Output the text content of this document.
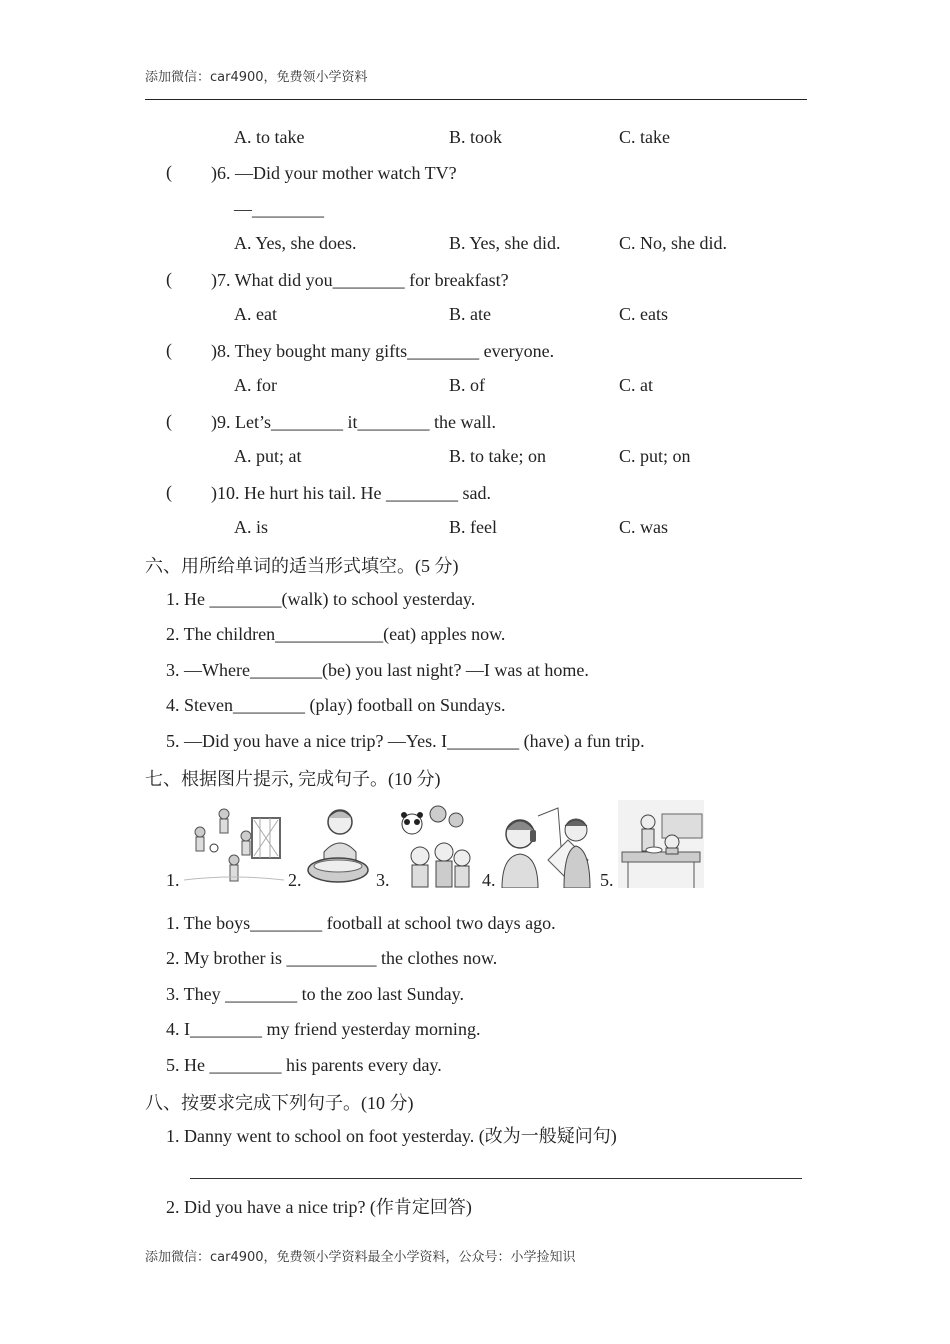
添加微信：car4900，免费领小学资料
A. to take	B. took	C. take
( )6. —Did your mother watch TV?
—________
A. Yes, she does.	B. Yes, she did.	C. No, she did.
( )7. What did you________ for breakfast?
A. eat	B. ate	C. eats
( )8. They bought many gifts________ everyone.
A. for	B. of	C. at
( )9. Let’s________ it________ the wall.
A. put; at	B. to take; on	C. put; on
( )10. He hurt his tail. He ________ sad.
A. is	B. feel	C. was
六、用所给单词的适当形式填空。(5 分)
1. He ________(walk) to school yesterday.
2. The children____________(eat) apples now.
3. —Where________(be) you last night? —I was at home.
4. Steven________ (play) football on Sundays.
5. —Did you have a nice trip? —Yes. I________ (have) a fun trip.
七、根据图片提示, 完成句子。(10 分)
1.	2.	3.	4.	5.
1. The boys________ football at school two days ago.
2. My brother is __________ the clothes now.
3. They ________ to the zoo last Sunday.
4. I________ my friend yesterday morning.
5. He ________ his parents every day.
八、按要求完成下列句子。(10 分)
1. Danny went to school on foot yesterday. (改为一般疑问句)
2. Did you have a nice trip? (作肯定回答)
添加微信：car4900，免费领小学资料最全小学资料，公众号：小学捡知识
